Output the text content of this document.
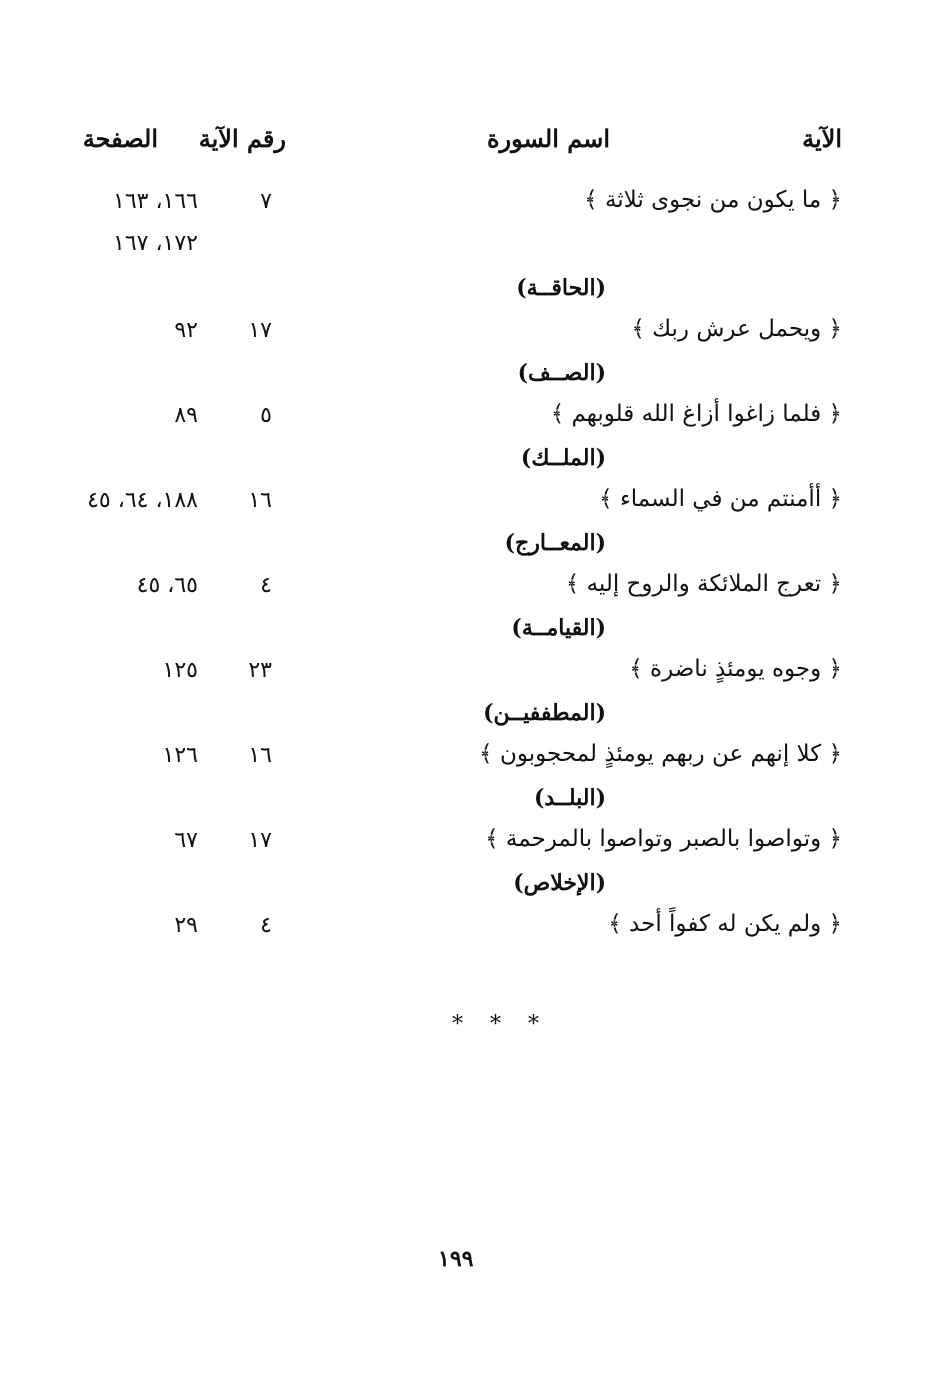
الآية
اسم السورة
رقم الآية
الصفحة
﴿ ما يكون من نجوى ثلاثة ﴾
٧
١٦٦، ١٦٣
١٧٢، ١٦٧
(الحاقــة)
﴿ ويحمل عرش ربك ﴾
١٧
٩٢
(الصــف)
﴿ فلما زاغوا أزاغ الله قلوبهم ﴾
٥
٨٩
(الملــك)
﴿ أأمنتم من في السماء ﴾
١٦
١٨٨، ٦٤، ٤٥
(المعــارج)
﴿ تعرج الملائكة والروح إليه ﴾
٤
٦٥، ٤٥
(القيامــة)
﴿ وجوه يومئذٍ ناضرة ﴾
٢٣
١٢٥
(المطففيــن)
﴿ كلا إنهم عن ربهم يومئذٍ لمحجوبون ﴾
١٦
١٢٦
(البلــد)
﴿ وتواصوا بالصبر وتواصوا بالمرحمة ﴾
١٧
٦٧
(الإخلاص)
﴿ ولم يكن له كفواً أحد ﴾
٤
٢٩
* * *
١٩٩
